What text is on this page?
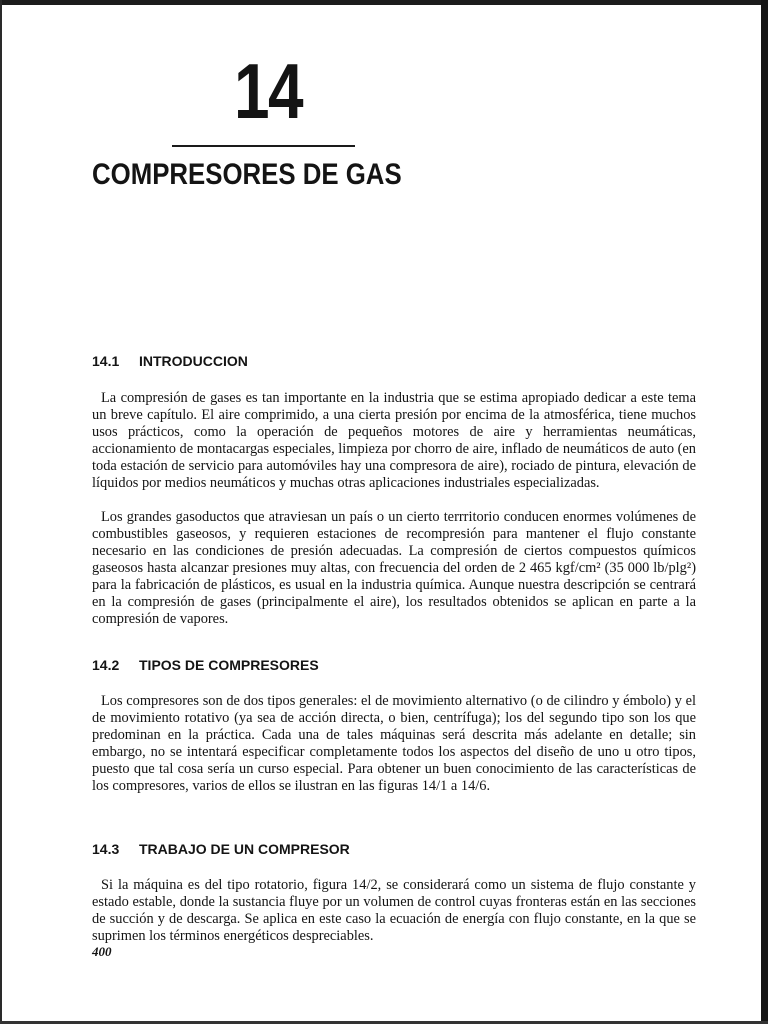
14
COMPRESORES DE GAS
14.1 INTRODUCCION

La compresión de gases es tan importante en la industria que se estima apropiado dedicar a este tema un breve capítulo. El aire comprimido, a una cierta presión por encima de la atmosférica, tiene muchos usos prácticos, como la operación de pequeños motores de aire y herramientas neumáticas, accionamiento de montacargas especiales, limpieza por chorro de aire, inflado de neumáticos de auto (en toda estación de servicio para automóviles hay una compresora de aire), rociado de pintura, elevación de líquidos por medios neumáticos y muchas otras aplicaciones industriales especializadas.

Los grandes gasoductos que atraviesan un país o un cierto terrritorio conducen enormes volúmenes de combustibles gaseosos, y requieren estaciones de recompresión para mantener el flujo constante necesario en las condiciones de presión adecuadas. La compresión de ciertos compuestos químicos gaseosos hasta alcanzar presiones muy altas, con frecuencia del orden de 2 465 kgf/cm² (35 000 lb/plg²) para la fabricación de plásticos, es usual en la industria química. Aunque nuestra descripción se centrará en la compresión de gases (principalmente el aire), los resultados obtenidos se aplican en parte a la compresión de vapores.

14.2 TIPOS DE COMPRESORES

Los compresores son de dos tipos generales: el de movimiento alternativo (o de cilindro y émbolo) y el de movimiento rotativo (ya sea de acción directa, o bien, centrífuga); los del segundo tipo son los que predominan en la práctica. Cada una de tales máquinas será descrita más adelante en detalle; sin embargo, no se intentará especificar completamente todos los aspectos del diseño de uno u otro tipos, puesto que tal cosa sería un curso especial. Para obtener un buen conocimiento de las características de los compresores, varios de ellos se ilustran en las figuras 14/1 a 14/6.

14.3 TRABAJO DE UN COMPRESOR

Si la máquina es del tipo rotatorio, figura 14/2, se considerará como un sistema de flujo constante y estado estable, donde la sustancia fluye por un volumen de control cuyas fronteras están en las secciones de succión y de descarga. Se aplica en este caso la ecuación de energía con flujo constante, en la que se suprimen los términos energéticos despreciables.

400
